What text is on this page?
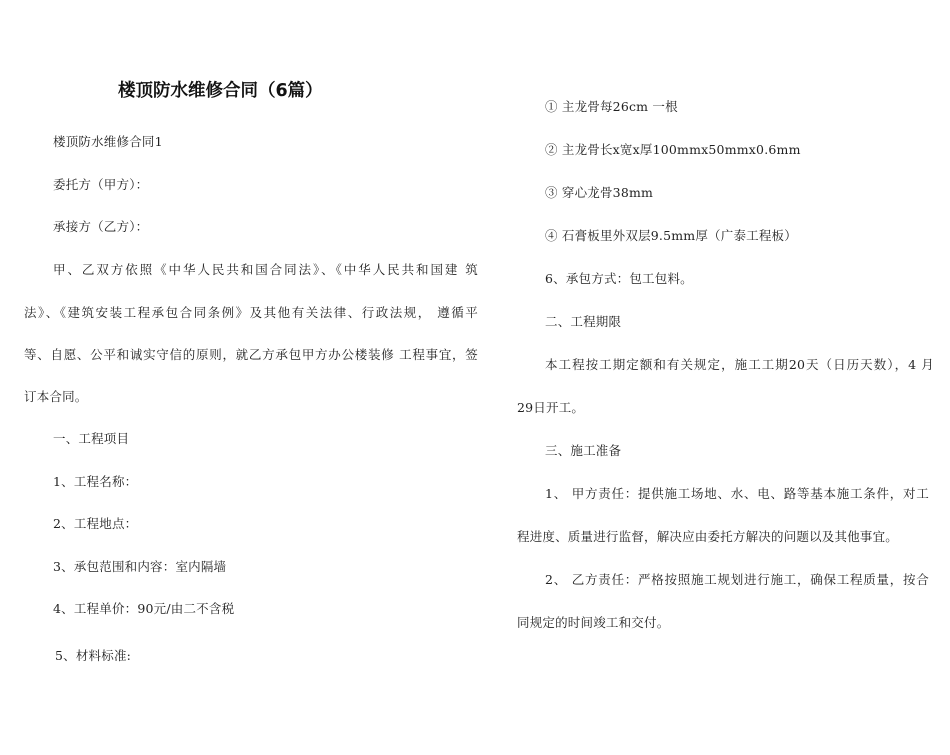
楼顶防水维修合同（6篇）
楼顶防水维修合同1
委托方（甲方）：
承接方（乙方）：
甲、乙双方依照《中华人民共和国合同法》、《中华人民共和国建 筑
法》、《建筑安装工程承包合同条例》及其他有关法律、行政法规， 遵循平
等、自愿、公平和诚实守信的原则，就乙方承包甲方办公楼装修 工程事宜，签
订本合同。
一、工程项目
1、工程名称：
2、工程地点：
3、承包范围和内容：室内隔墙
4、工程单价：90元/由二不含税
5、材料标准:
① 主龙骨每26cm 一根
② 主龙骨长x宽x厚100mmx50mmx0.6mm
③ 穿心龙骨38mm
④ 石膏板里外双层9.5mm厚（广泰工程板）
6、承包方式：包工包料。
二、工程期限
本工程按工期定额和有关规定，施工工期20天（日历天数），4 月
29日开工。
三、施工准备
1、 甲方责任：提供施工场地、水、电、路等基本施工条件，对工
程进度、质量进行监督，解决应由委托方解决的问题以及其他事宜。
2、 乙方责任：严格按照施工规划进行施工，确保工程质量，按合
同规定的时间竣工和交付。
